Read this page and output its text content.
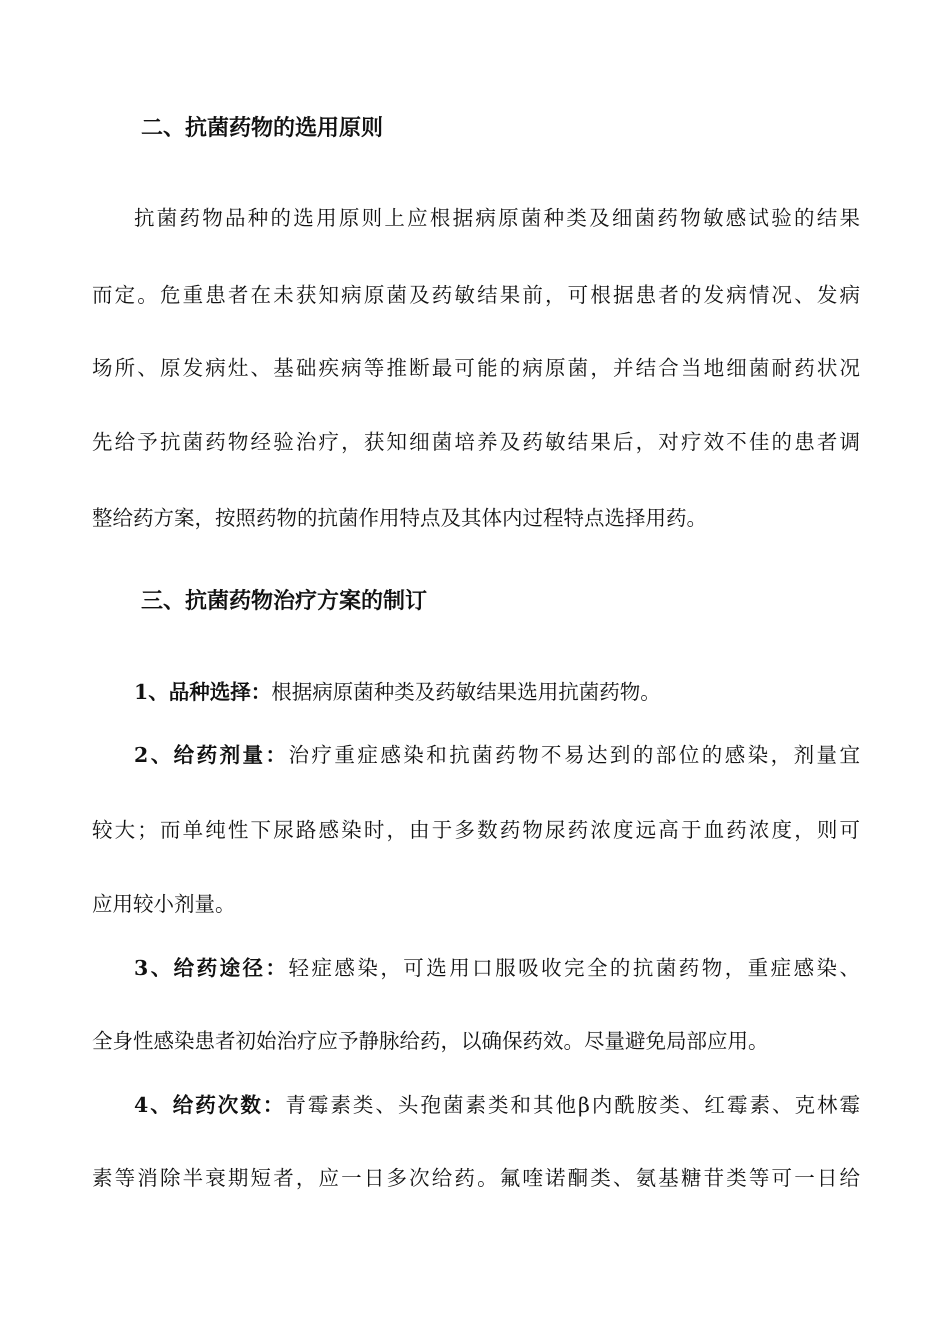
二、抗菌药物的选用原则
抗菌药物品种的选用原则上应根据病原菌种类及细菌药物敏感试验的结果
而定。危重患者在未获知病原菌及药敏结果前，可根据患者的发病情况、发病
场所、原发病灶、基础疾病等推断最可能的病原菌，并结合当地细菌耐药状况
先给予抗菌药物经验治疗，获知细菌培养及药敏结果后，对疗效不佳的患者调
整给药方案，按照药物的抗菌作用特点及其体内过程特点选择用药。
三、抗菌药物治疗方案的制订
1、品种选择：根据病原菌种类及药敏结果选用抗菌药物。
2、给药剂量：治疗重症感染和抗菌药物不易达到的部位的感染，剂量宜
较大；而单纯性下尿路感染时，由于多数药物尿药浓度远高于血药浓度，则可
应用较小剂量。
3、给药途径：轻症感染，可选用口服吸收完全的抗菌药物，重症感染、
全身性感染患者初始治疗应予静脉给药，以确保药效。尽量避免局部应用。
4、给药次数：青霉素类、头孢菌素类和其他β内酰胺类、红霉素、克林霉
素等消除半衰期短者，应一日多次给药。氟喹诺酮类、氨基糖苷类等可一日给
